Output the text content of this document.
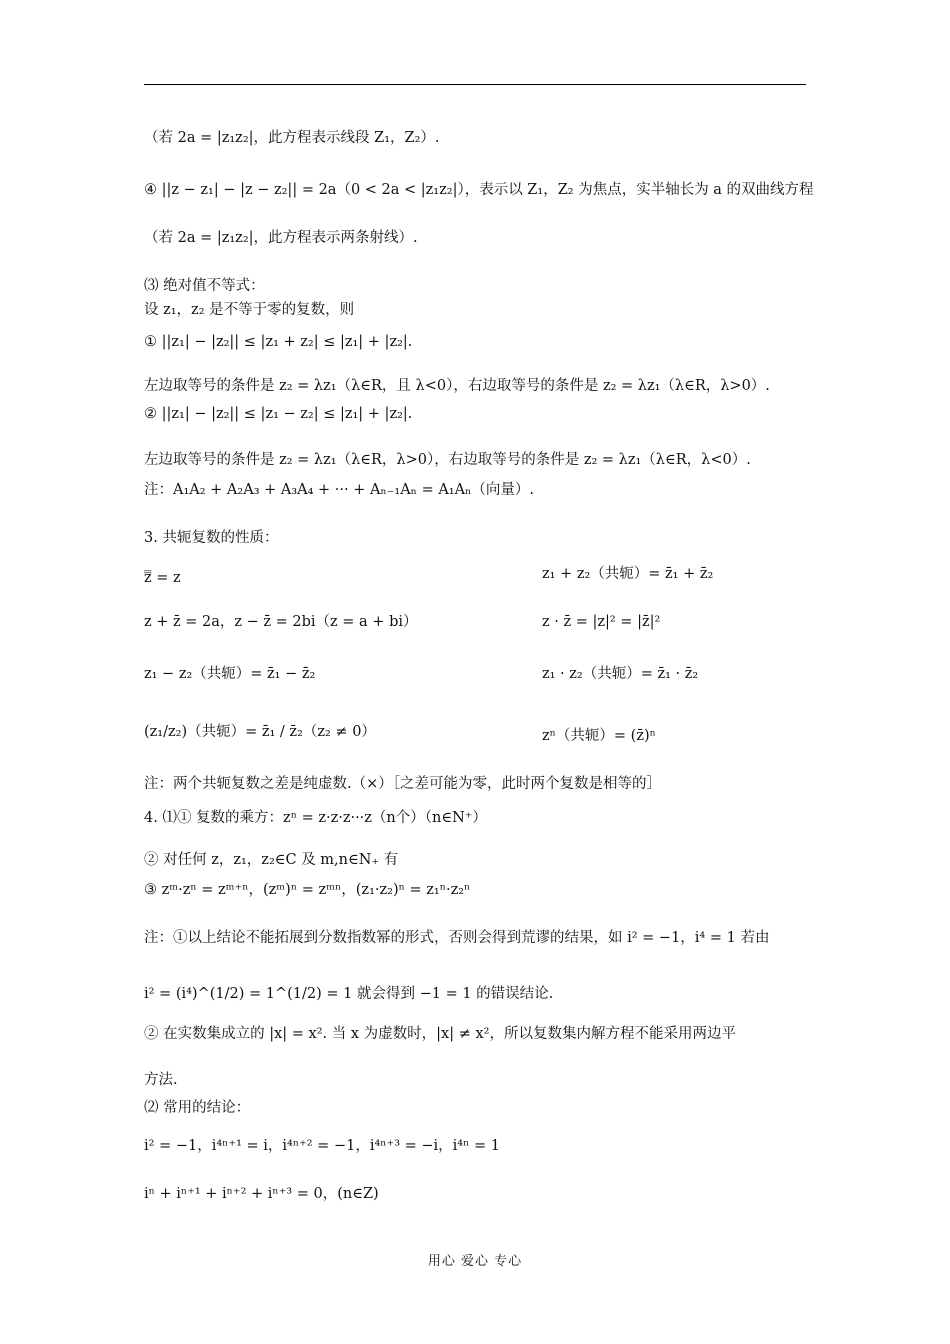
（若 2a = |z₁z₂|，此方程表示线段 Z₁，Z₂）.
④ ||z − z₁| − |z − z₂|| = 2a（0 < 2a < |z₁z₂|），表示以 Z₁，Z₂ 为焦点，实半轴长为 a 的双曲线方程
（若 2a = |z₁z₂|，此方程表示两条射线）.
⑶ 绝对值不等式：
设 z₁，z₂ 是不等于零的复数，则
① ||z₁| − |z₂|| ≤ |z₁ + z₂| ≤ |z₁| + |z₂|.
左边取等号的条件是 z₂ = λz₁（λ∈R，且 λ<0），右边取等号的条件是 z₂ = λz₁（λ∈R，λ>0）.
② ||z₁| − |z₂|| ≤ |z₁ − z₂| ≤ |z₁| + |z₂|.
左边取等号的条件是 z₂ = λz₁（λ∈R，λ>0），右边取等号的条件是 z₂ = λz₁（λ∈R，λ<0）.
注：A₁A₂ + A₂A₃ + A₃A₄ + ··· + Aₙ₋₁Aₙ = A₁Aₙ（向量）.
3. 共轭复数的性质：
z̿ = z	z₁ + z₂（共轭）= z̄₁ + z̄₂
z + z̄ = 2a，z − z̄ = 2bi（z = a + bi）	z · z̄ = |z|² = |z̄|²
z₁ − z₂（共轭）= z̄₁ − z̄₂	z₁ · z₂（共轭）= z̄₁ · z̄₂
(z₁/z₂)（共轭）= z̄₁ / z̄₂（z₂ ≠ 0）	zⁿ（共轭）= (z̄)ⁿ
注：两个共轭复数之差是纯虚数.（×）［之差可能为零，此时两个复数是相等的］
4. ⑴① 复数的乘方：zⁿ = z·z·z···z（n个）（n∈N⁺）
② 对任何 z，z₁，z₂∈C 及 m,n∈N₊ 有
③ zᵐ·zⁿ = zᵐ⁺ⁿ，(zᵐ)ⁿ = zᵐⁿ，(z₁·z₂)ⁿ = z₁ⁿ·z₂ⁿ
注：①以上结论不能拓展到分数指数幂的形式，否则会得到荒谬的结果，如 i² = −1，i⁴ = 1 若由
i² = (i⁴)^(1/2) = 1^(1/2) = 1 就会得到 −1 = 1 的错误结论.
② 在实数集成立的 |x| = x². 当 x 为虚数时，|x| ≠ x²，所以复数集内解方程不能采用两边平
方法.
⑵ 常用的结论：
i² = −1，i⁴ⁿ⁺¹ = i，i⁴ⁿ⁺² = −1，i⁴ⁿ⁺³ = −i，i⁴ⁿ = 1
iⁿ + iⁿ⁺¹ + iⁿ⁺² + iⁿ⁺³ = 0，(n∈Z)
用心 爱心 专心
